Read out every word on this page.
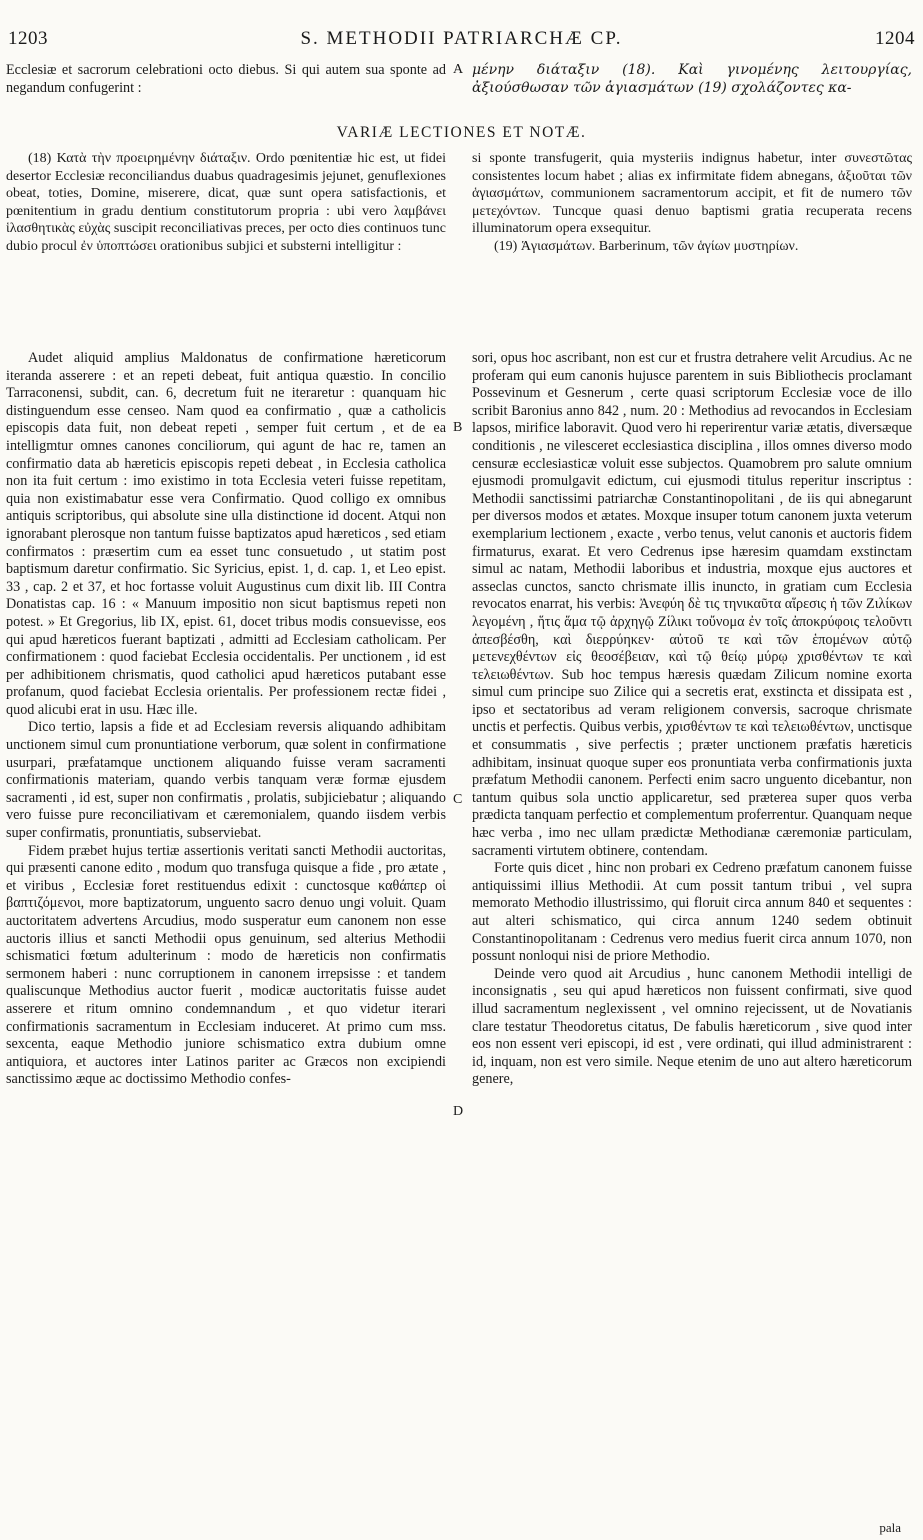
1203	S. METHODII PATRIARCHÆ CP.	1204

Ecclesiæ et sacrorum celebrationi octo diebus. Si qui autem sua sponte ad negandum confugerint :

A μένην διάταξιν (18). Καὶ γινομένης λειτουργίας, ἀξιούσθωσαν τῶν ἁγιασμάτων (19) σχολάζοντες κα-

VARIÆ LECTIONES ET NOTÆ.

(18) Κατὰ τὴν προειρημένην διάταξιν. Ordo pœnitentiæ hic est, ut fidei desertor Ecclesiæ reconciliandus duabus quadragesimis jejunet, genuflexiones obeat, toties, Domine, miserere, dicat, quæ sunt opera satisfactionis, et pœnitentium in gradu dentium constitutorum propria : ubi vero λαμβάνει ἱλασθητικὰς εὐχὰς suscipit reconciliativas preces, per octo dies continuos tunc dubio procul ἐν ὑποπτώσει orationibus subjici et substerni intelligitur :

si sponte transfugerit, quia mysteriis indignus habetur, inter συνεστῶτας consistentes locum habet ; alias ex infirmitate fidem abnegans, ἀξιοῦται τῶν ἁγιασμάτων, communionem sacramentorum accipit, et fit de numero τῶν μετεχόντων. Tuncque quasi denuo baptismi gratia recuperata recens illuminatorum opera exsequitur.

(19) Ἁγιασμάτων. Barberinum, τῶν ἁγίων μυστηρίων.

Audet aliquid amplius Maldonatus de confirmatione hæreticorum iteranda asserere : et an repeti debeat, fuit antiqua quæstio. In concilio Tarraconensi, subdit, can. 6, decretum fuit ne iteraretur : quanquam hic distinguendum esse censeo. Nam quod ea confirmatio , quæ a catholicis episcopis data fuit, non debeat repeti , semper fuit certum , et de ea intelligmtur omnes canones conciliorum, qui agunt de hac re, tamen an confirmatio data ab hæreticis episcopis repeti debeat , in Ecclesia catholica non ita fuit certum : imo existimo in tota Ecclesia veteri fuisse repetitam, quia non existimabatur esse vera Confirmatio. Quod colligo ex omnibus antiquis scriptoribus, qui absolute sine ulla distinctione id docent. Atqui non ignorabant plerosque non tantum fuisse baptizatos apud hæreticos , sed etiam confirmatos : præsertim cum ea esset tunc consuetudo , ut statim post baptismum daretur confirmatio. Sic Syricius, epist. 1, d. cap. 1, et Leo epist. 33 , cap. 2 et 37, et hoc fortasse voluit Augustinus cum dixit lib. III Contra Donatistas cap. 16 : « Manuum impositio non sicut baptismus repeti non potest. » Et Gregorius, lib IX, epist. 61, docet tribus modis consuevisse, eos qui apud hæreticos fuerant baptizati , admitti ad Ecclesiam catholicam. Per confirmationem : quod faciebat Ecclesia occidentalis. Per unctionem , id est per adhibitionem chrismatis, quod catholici apud hæreticos putabant esse profanum, quod faciebat Ecclesia orientalis. Per professionem rectæ fidei , quod alicubi erat in usu. Hæc ille.

Dico tertio, lapsis a fide et ad Ecclesiam reversis aliquando adhibitam unctionem simul cum pronuntiatione verborum, quæ solent in confirmatione usurpari, præfatamque unctionem aliquando fuisse veram sacramenti confirmationis materiam, quando verbis tanquam veræ formæ ejusdem sacramenti , id est, super non confirmatis , prolatis, subjiciebatur ; aliquando vero fuisse pure reconciliativam et cæremonialem, quando iisdem verbis super confirmatis, pronuntiatis, subserviebat.

Fidem præbet hujus tertiæ assertionis veritati sancti Methodii auctoritas, qui præsenti canone edito , modum quo transfuga quisque a fide , pro ætate , et viribus , Ecclesiæ foret restituendus edixit : cunctosque καθάπερ οἱ βαπτιζόμενοι, more baptizatorum, unguento sacro denuo ungi voluit. Quam auctoritatem advertens Arcudius, modo susperatur eum canonem non esse auctoris illius et sancti Methodii opus genuinum, sed alterius Methodii schismatici fœtum adulterinum : modo de hæreticis non confirmatis sermonem haberi : nunc corruptionem in canonem irrepsisse : et tandem qualiscunque Methodius auctor fuerit , modicæ auctoritatis fuisse audet asserere et ritum omnino condemnandum , et quo videtur iterari confirmationis sacramentum in Ecclesiam induceret. At primo cum mss. sexcenta, eaque Methodio juniore schismatico extra dubium omne antiquiora, et auctores inter Latinos pariter ac Græcos non excipiendi sanctissimo æque ac doctissimo Methodio confes-

B
C
D

sori, opus hoc ascribant, non est cur et frustra detrahere velit Arcudius. Ac ne proferam qui eum canonis hujusce parentem in suis Bibliothecis proclamant Possevinum et Gesnerum , certe quasi scriptorum Ecclesiæ voce de illo scribit Baronius anno 842 , num. 20 : Methodius ad revocandos in Ecclesiam lapsos, mirifice laboravit. Quod vero hi reperirentur variæ ætatis, diversæque conditionis , ne vilesceret ecclesiastica disciplina , illos omnes diverso modo censuræ ecclesiasticæ voluit esse subjectos. Quamobrem pro salute omnium ejusmodi promulgavit edictum, cui ejusmodi titulus reperitur inscriptus : Methodii sanctissimi patriarchæ Constantinopolitani , de iis qui abnegarunt per diversos modos et ætates. Moxque insuper totum canonem juxta veterum exemplarium lectionem , exacte , verbo tenus, velut canonis et auctoris fidem firmaturus, exarat. Et vero Cedrenus ipse hæresim quamdam exstinctam simul ac natam, Methodii laboribus et industria, moxque ejus auctores et asseclas cunctos, sancto chrismate illis inuncto, in gratiam cum Ecclesia revocatos enarrat, his verbis: Ἀνεφύη δὲ τις τηνικαῦτα αἵρεσις ἡ τῶν Ζιλίκων λεγομένη , ἥτις ἅμα τῷ ἀρχηγῷ Ζίλικι τοὔνομα ἐν τοῖς ἀποκρύφοις τελοῦντι ἀπεσβέσθη, καὶ διερρύηκεν· αὐτοῦ τε καὶ τῶν ἑπομένων αὐτῷ μετενεχθέντων εἰς θεοσέβειαν, καὶ τῷ θείῳ μύρῳ χρισθέντων τε καὶ τελειωθέντων. Sub hoc tempus hæresis quædam Zilicum nomine exorta simul cum principe suo Zilice qui a secretis erat, exstincta et dissipata est , ipso et sectatoribus ad veram religionem conversis, sacroque chrismate unctis et perfectis. Quibus verbis, χρισθέντων τε καὶ τελειωθέντων, unctisque et consummatis , sive perfectis ; præter unctionem præfatis hæreticis adhibitam, insinuat quoque super eos pronuntiata verba confirmationis juxta præfatum Methodii canonem. Perfecti enim sacro unguento dicebantur, non tantum quibus sola unctio applicaretur, sed præterea super quos verba prædicta tanquam perfectio et complementum proferrentur. Quanquam neque hæc verba , imo nec ullam prædictæ Methodianæ cæremoniæ particulam, sacramenti virtutem obtinere, contendam.

Forte quis dicet , hinc non probari ex Cedreno præfatum canonem fuisse antiquissimi illius Methodii. At cum possit tantum tribui , vel supra memorato Methodio illustrissimo, qui floruit circa annum 840 et sequentes : aut alteri schismatico, qui circa annum 1240 sedem obtinuit Constantinopolitanam : Cedrenus vero medius fuerit circa annum 1070, non possunt nonloqui nisi de priore Methodio.

Deinde vero quod ait Arcudius , hunc canonem Methodii intelligi de inconsignatis , seu qui apud hæreticos non fuissent confirmati, sive quod illud sacramentum neglexissent , vel omnino rejecissent, ut de Novatianis clare testatur Theodoretus citatus, De fabulis hæreticorum , sive quod inter eos non essent veri episcopi, id est , vere ordinati, qui illud administrarent : id, inquam, non est vero simile. Neque etenim de uno aut altero hæreticorum genere,

pala
